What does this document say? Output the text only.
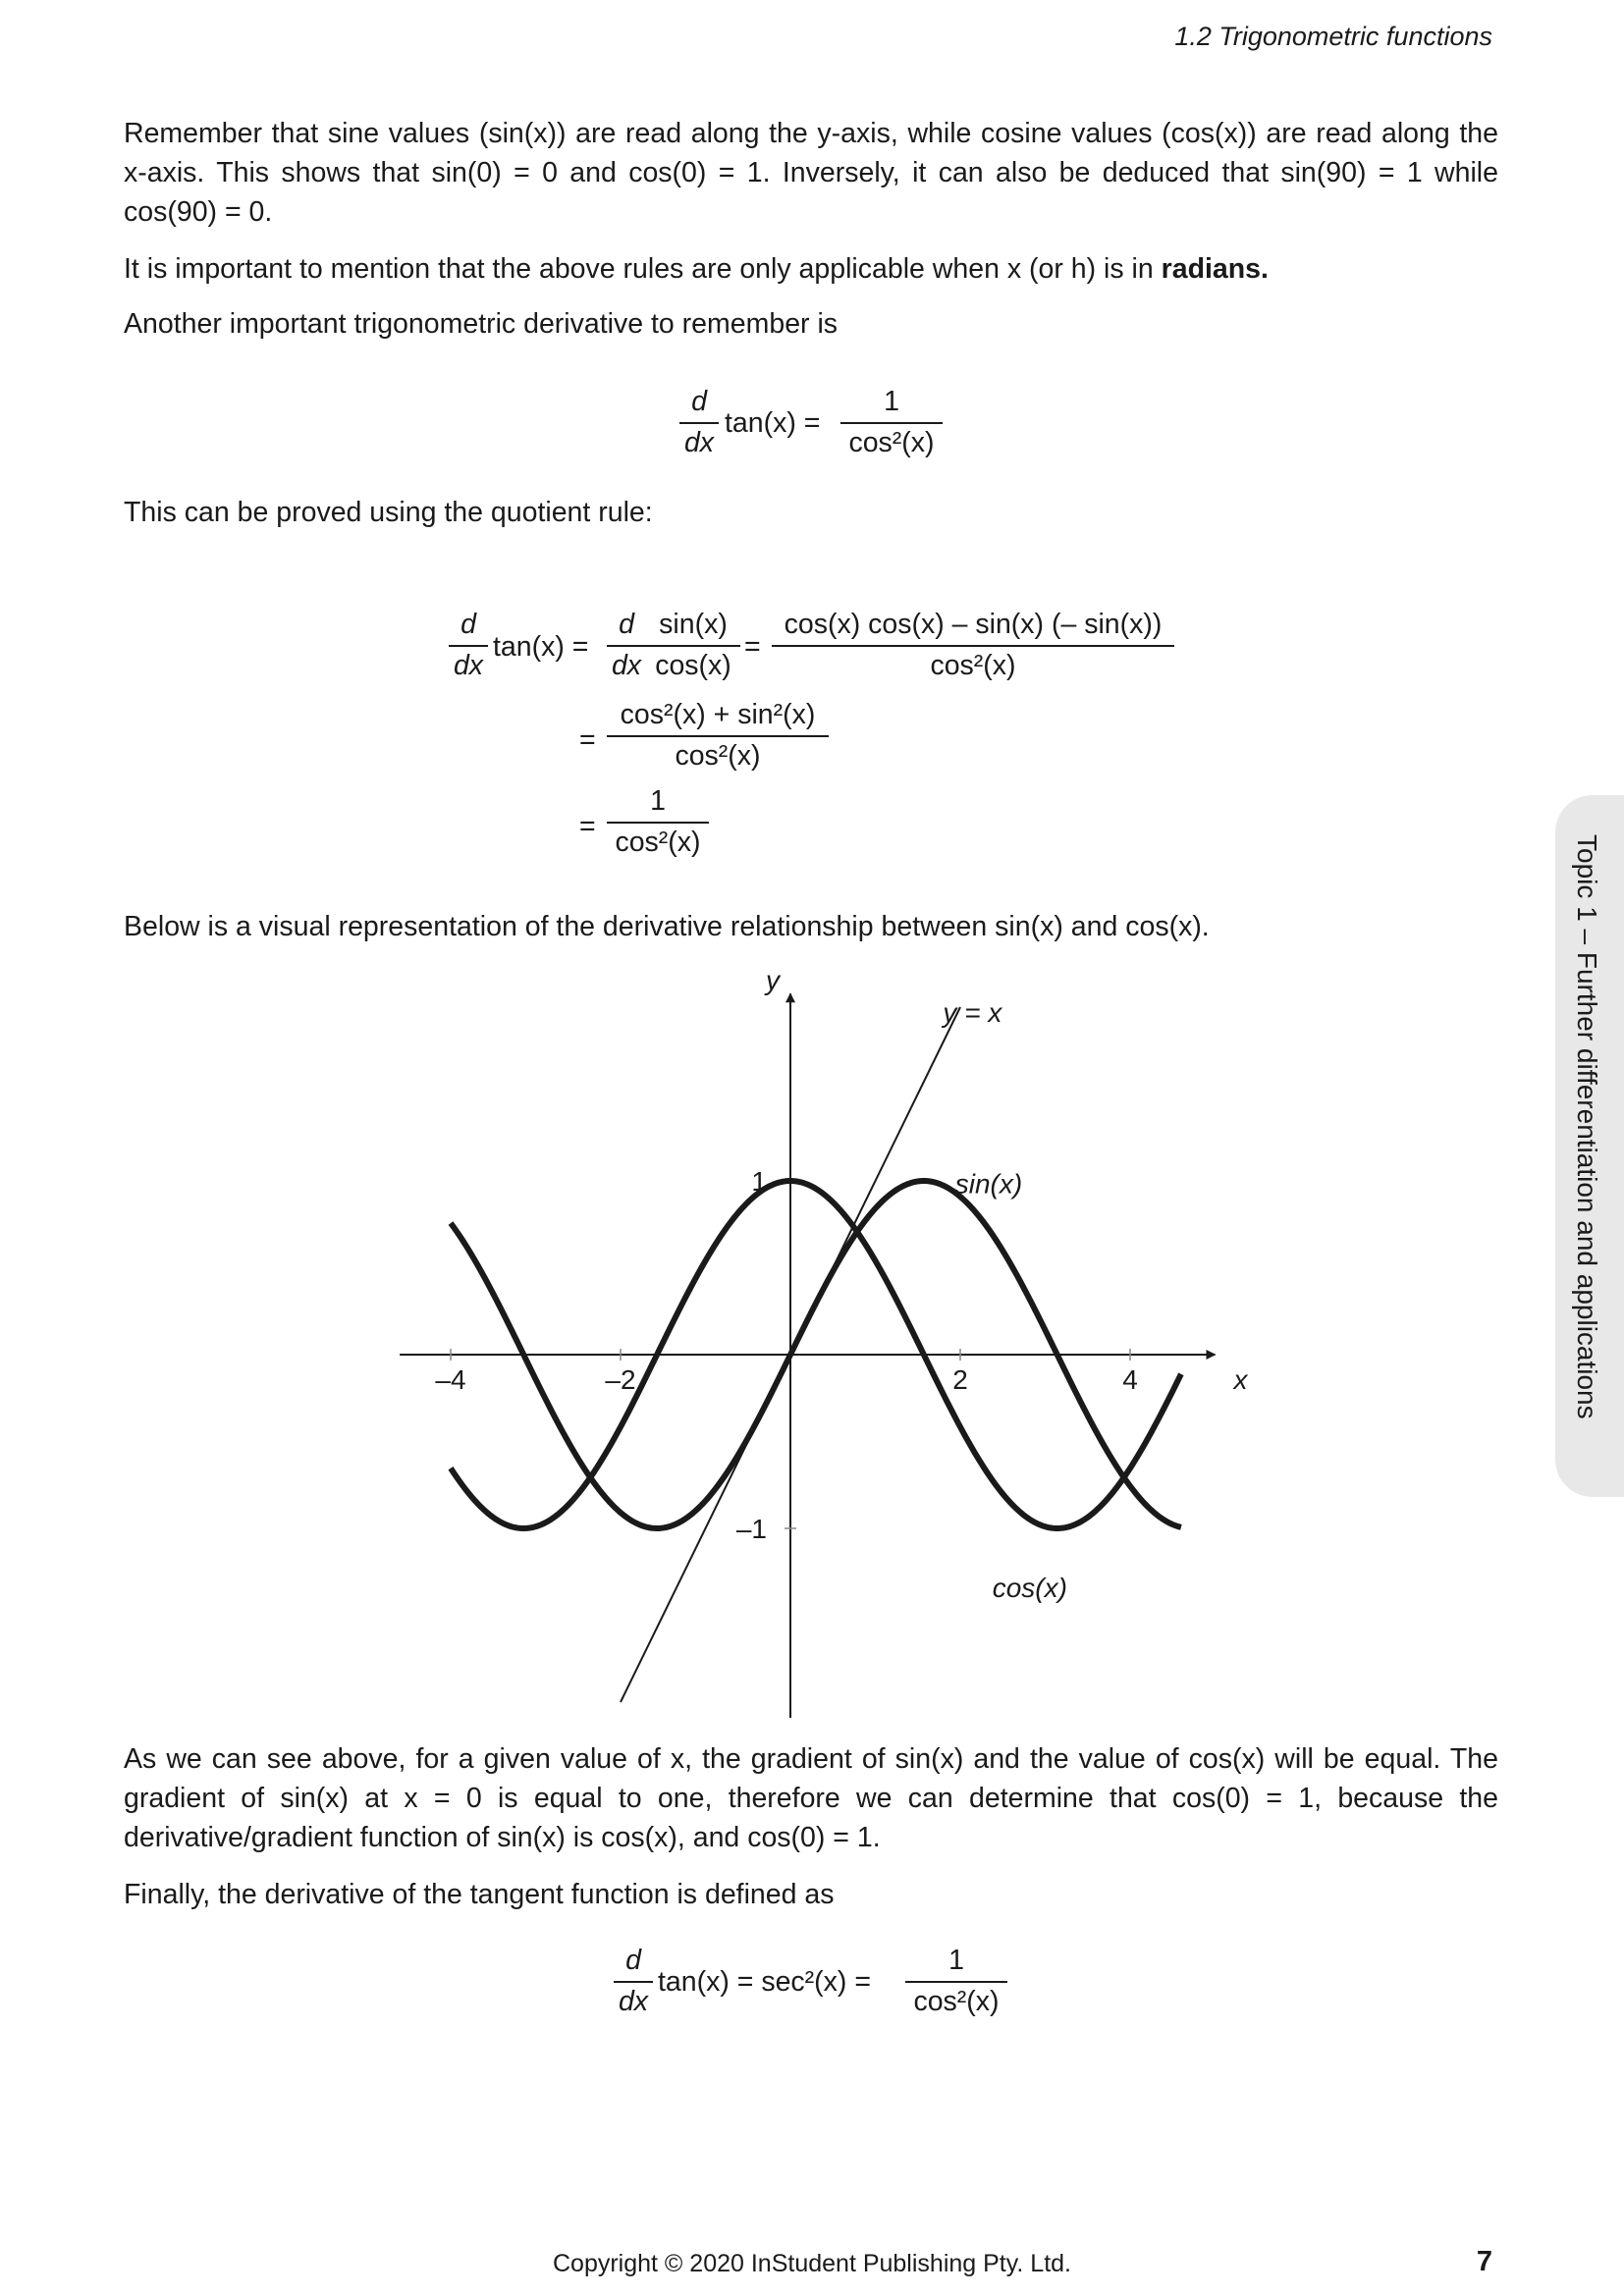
1.2 Trigonometric functions

Remember that sine values (sin(x)) are read along the y-axis, while cosine values (cos(x)) are read along the x-axis. This shows that sin(0) = 0 and cos(0) = 1. Inversely, it can also be deduced that sin(90) = 1 while cos(90) = 0.

It is important to mention that the above rules are only applicable when x (or h) is in radians.
Another important trigonometric derivative to remember is
$\frac{d}{dx} \tan(x) = \frac{1}{\text{cos²(x)}}$
This can be proved using the quotient rule:
$\frac{d}{dx} \tan(x) = \frac{d}{dx} \frac{\sin(x)}{\cos(x)} = \frac{\cos(x) \cos(x) - \sin(x) (- \sin(x))}{\text{cos²(x)}}$
= $\frac{\text{cos²(x) + sin²(x)}}{\text{cos²(x)}}$
= $\frac{1}{\text{cos²(x)}}$
Below is a visual representation of the derivative relationship between sin(x) and cos(x).
–4	–2	2	4
1
–1
y
x
sin(x)
cos(x)
y = x

As we can see above, for a given value of x, the gradient of sin(x) and the value of cos(x) will be equal. The gradient of sin(x) at x = 0 is equal to one, therefore we can determine that cos(0) = 1, because the derivative/gradient function of sin(x) is cos(x), and cos(0) = 1.

Finally, the derivative of the tangent function is defined as
$\frac{d}{dx} \tan(x) = \sec^2(x) = \frac{1}{\text{cos²(x)}}$
Topic 1 – Further differentiation and applications
Copyright © 2020 InStudent Publishing Pty. Ltd.	7
